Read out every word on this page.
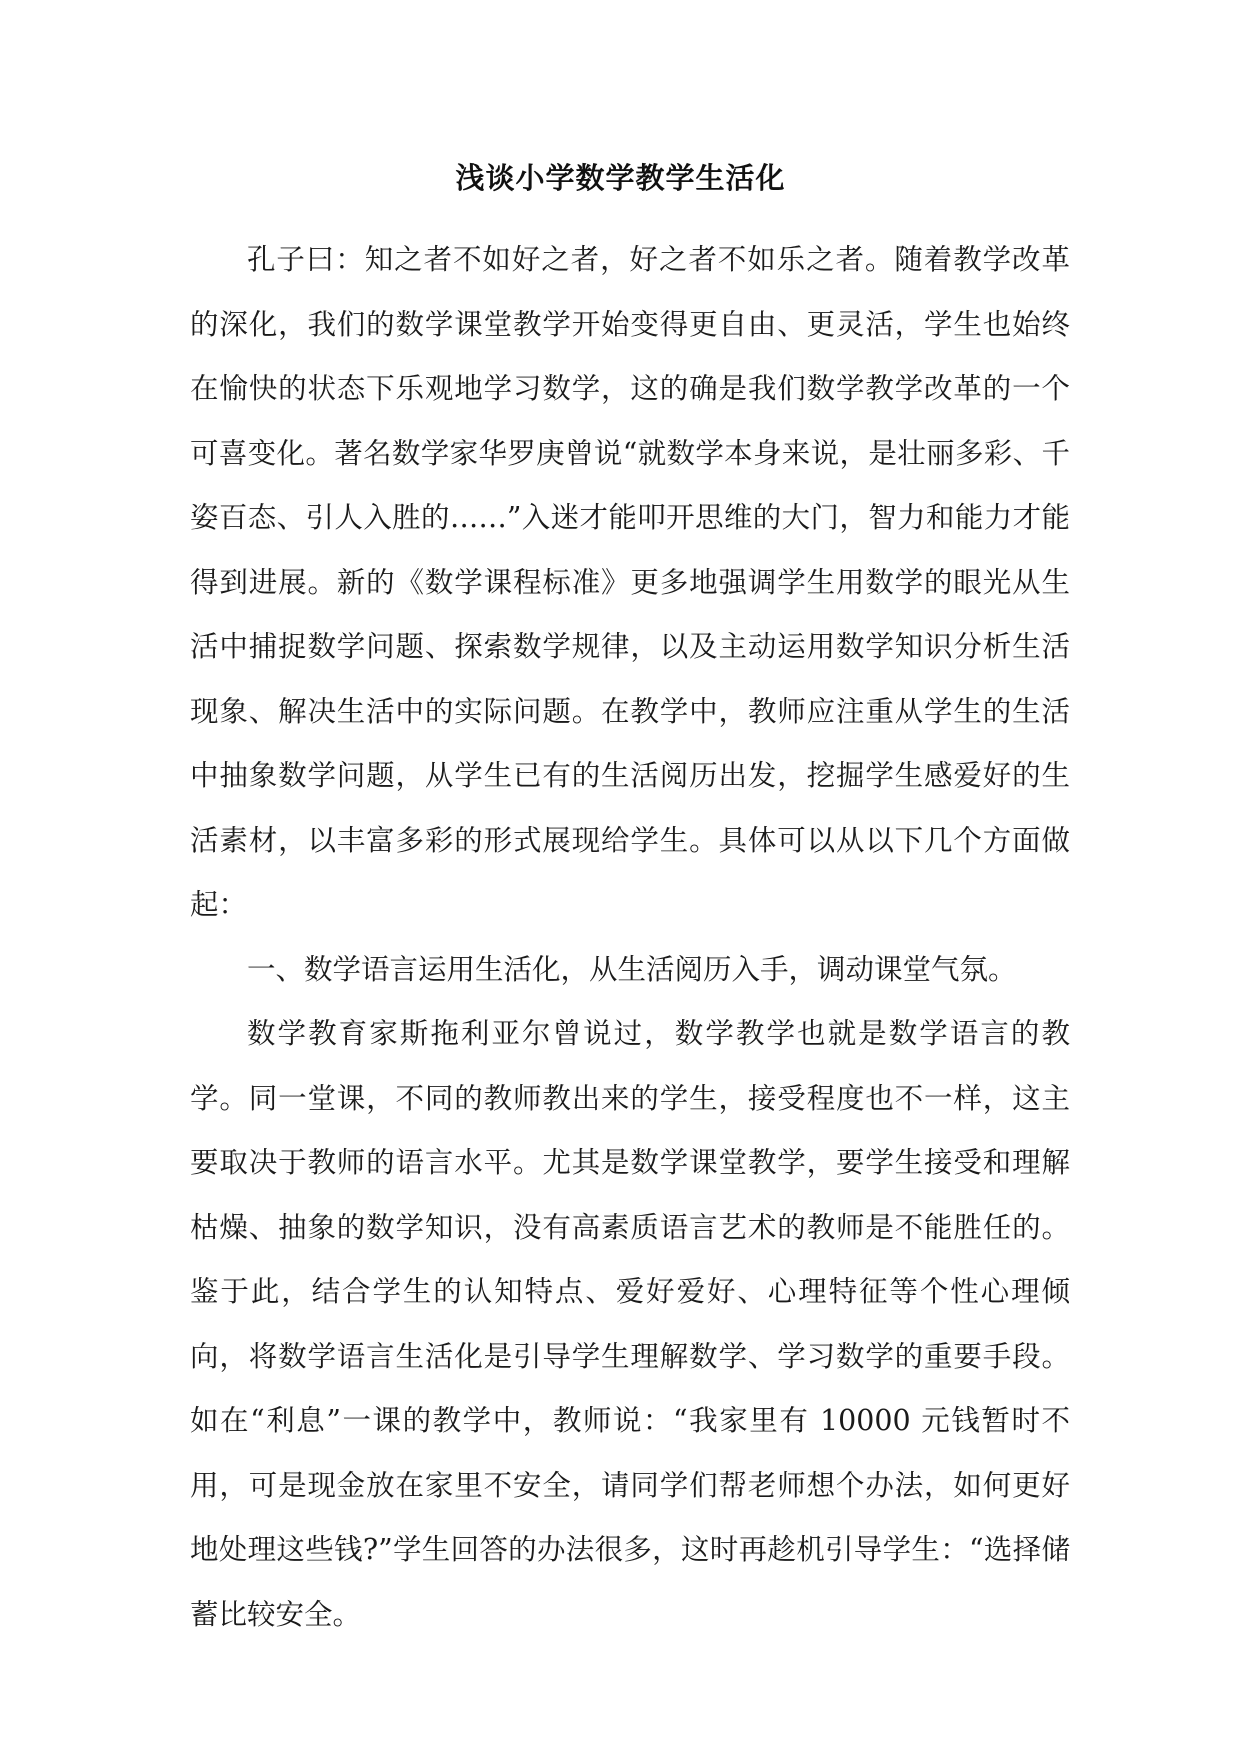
浅谈小学数学教学生活化

孔子曰：知之者不如好之者，好之者不如乐之者。随着教学改革的深化，我们的数学课堂教学开始变得更自由、更灵活，学生也始终在愉快的状态下乐观地学习数学，这的确是我们数学教学改革的一个可喜变化。著名数学家华罗庚曾说“就数学本身来说，是壮丽多彩、千姿百态、引人入胜的……”入迷才能叩开思维的大门，智力和能力才能得到进展。新的《数学课程标准》更多地强调学生用数学的眼光从生活中捕捉数学问题、探索数学规律，以及主动运用数学知识分析生活现象、解决生活中的实际问题。在教学中，教师应注重从学生的生活中抽象数学问题，从学生已有的生活阅历出发，挖掘学生感爱好的生活素材，以丰富多彩的形式展现给学生。具体可以从以下几个方面做起：

一、数学语言运用生活化，从生活阅历入手，调动课堂气氛。

数学教育家斯拖利亚尔曾说过，数学教学也就是数学语言的教学。同一堂课，不同的教师教出来的学生，接受程度也不一样，这主要取决于教师的语言水平。尤其是数学课堂教学，要学生接受和理解枯燥、抽象的数学知识，没有高素质语言艺术的教师是不能胜任的。鉴于此，结合学生的认知特点、爱好爱好、心理特征等个性心理倾向，将数学语言生活化是引导学生理解数学、学习数学的重要手段。如在“利息”一课的教学中，教师说：“我家里有 10000 元钱暂时不用，可是现金放在家里不安全，请同学们帮老师想个办法，如何更好地处理这些钱?”学生回答的办法很多，这时再趁机引导学生：“选择储蓄比较安全。
